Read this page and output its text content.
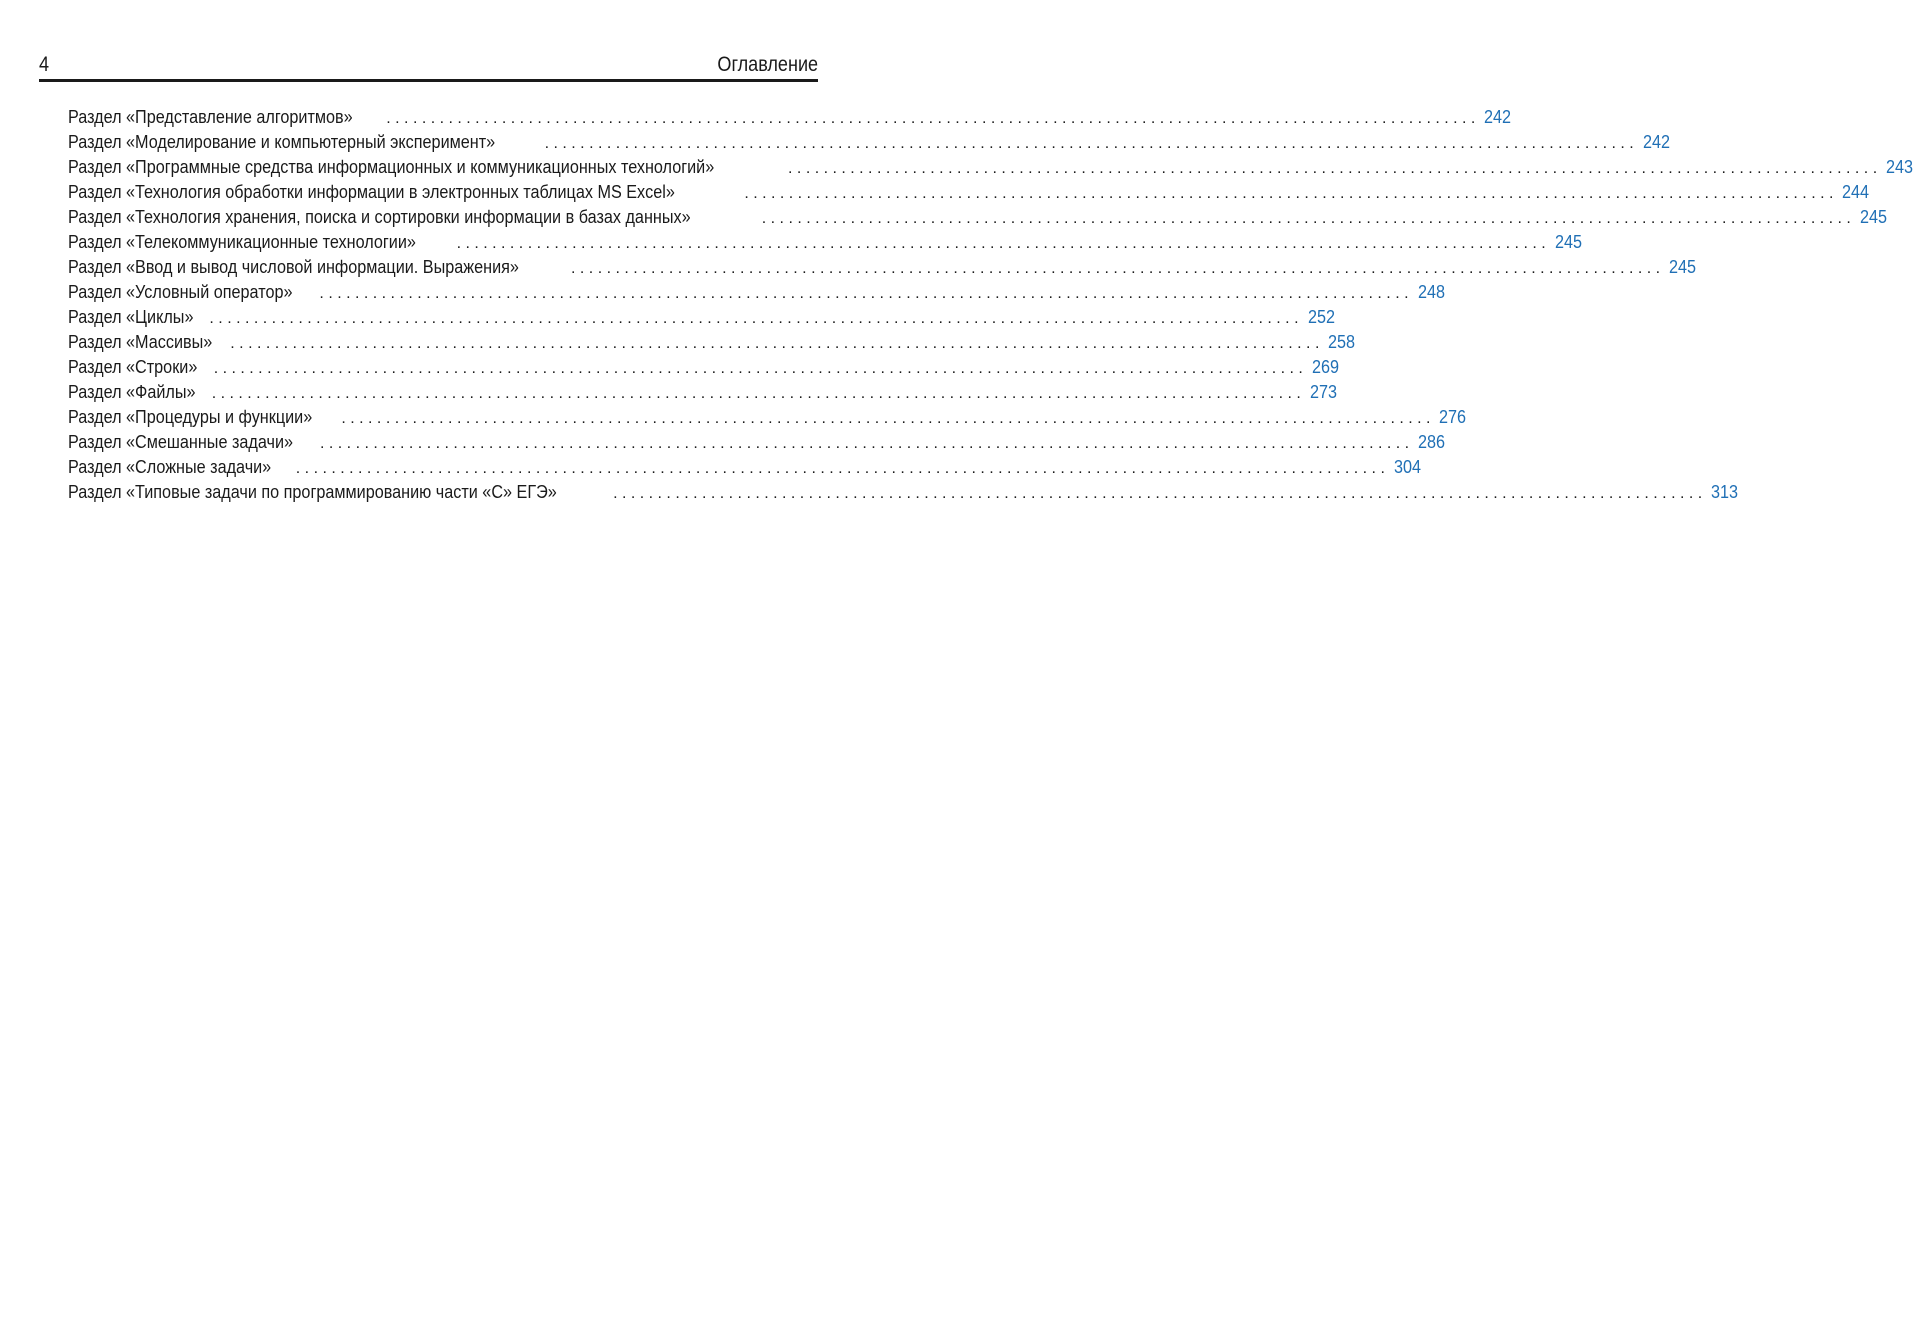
4	Оглавление
Раздел «Представление алгоритмов» . . .	242
Раздел «Моделирование и компьютерный эксперимент» . . .	242
Раздел «Программные средства информационных и коммуникационных технологий» . . .	243
Раздел «Технология обработки информации в электронных таблицах MS Excel» . . .	244
Раздел «Технология хранения, поиска и сортировки информации в базах данных» . . .	245
Раздел «Телекоммуникационные технологии» . . .	245
Раздел «Ввод и вывод числовой информации. Выражения» . . .	245
Раздел «Условный оператор» . . .	248
Раздел «Циклы» . . .	252
Раздел «Массивы» . . .	258
Раздел «Строки» . . .	269
Раздел «Файлы» . . .	273
Раздел «Процедуры и функции» . . .	276
Раздел «Смешанные задачи» . . .	286
Раздел «Сложные задачи» . . .	304
Раздел «Типовые задачи по программированию части «С» ЕГЭ» . . .	313
